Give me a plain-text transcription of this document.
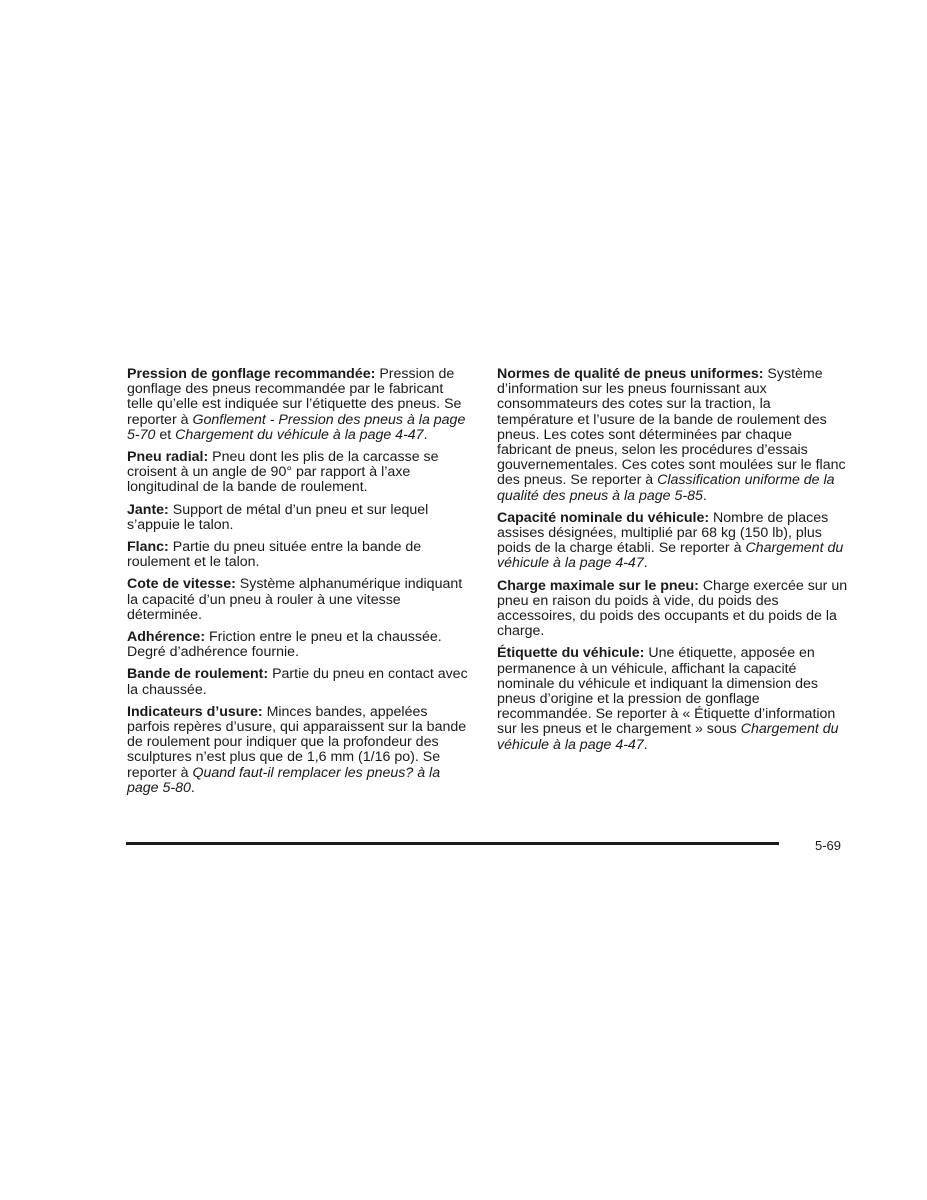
Pression de gonflage recommandée: Pression de gonflage des pneus recommandée par le fabricant telle qu’elle est indiquée sur l’étiquette des pneus. Se reporter à Gonflement - Pression des pneus à la page 5-70 et Chargement du véhicule à la page 4-47.

Pneu radial: Pneu dont les plis de la carcasse se croisent à un angle de 90° par rapport à l’axe longitudinal de la bande de roulement.

Jante: Support de métal d’un pneu et sur lequel s’appuie le talon.

Flanc: Partie du pneu située entre la bande de roulement et le talon.

Cote de vitesse: Système alphanumérique indiquant la capacité d’un pneu à rouler à une vitesse déterminée.

Adhérence: Friction entre le pneu et la chaussée. Degré d’adhérence fournie.

Bande de roulement: Partie du pneu en contact avec la chaussée.

Indicateurs d’usure: Minces bandes, appelées parfois repères d’usure, qui apparaissent sur la bande de roulement pour indiquer que la profondeur des sculptures n’est plus que de 1,6 mm (1/16 po). Se reporter à Quand faut-il remplacer les pneus? à la page 5-80.

Normes de qualité de pneus uniformes: Système d’information sur les pneus fournissant aux consommateurs des cotes sur la traction, la température et l’usure de la bande de roulement des pneus. Les cotes sont déterminées par chaque fabricant de pneus, selon les procédures d’essais gouvernementales. Ces cotes sont moulées sur le flanc des pneus. Se reporter à Classification uniforme de la qualité des pneus à la page 5-85.

Capacité nominale du véhicule: Nombre de places assises désignées, multiplié par 68 kg (150 lb), plus poids de la charge établi. Se reporter à Chargement du véhicule à la page 4-47.

Charge maximale sur le pneu: Charge exercée sur un pneu en raison du poids à vide, du poids des accessoires, du poids des occupants et du poids de la charge.

Étiquette du véhicule: Une étiquette, apposée en permanence à un véhicule, affichant la capacité nominale du véhicule et indiquant la dimension des pneus d’origine et la pression de gonflage recommandée. Se reporter à « Étiquette d’information sur les pneus et le chargement » sous Chargement du véhicule à la page 4-47.

5-69
